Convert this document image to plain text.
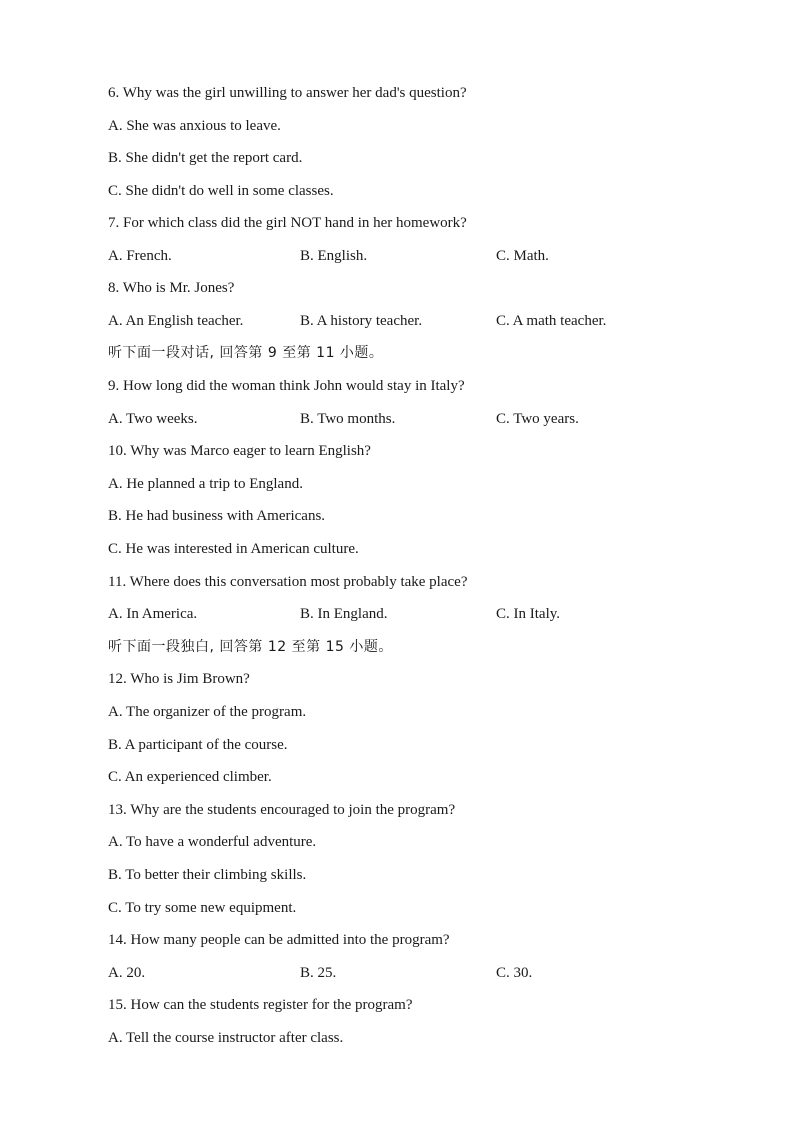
6. Why was the girl unwilling to answer her dad's question?
A. She was anxious to leave.
B. She didn't get the report card.
C. She didn't do well in some classes.
7. For which class did the girl NOT hand in her homework?
A. French.	B. English.	C. Math.
8. Who is Mr. Jones?
A. An English teacher.	B. A history teacher.	C. A math teacher.
听下面一段对话, 回答第 9 至第 11 小题。
9. How long did the woman think John would stay in Italy?
A. Two weeks.	B. Two months.	C. Two years.
10. Why was Marco eager to learn English?
A. He planned a trip to England.
B. He had business with Americans.
C. He was interested in American culture.
11. Where does this conversation most probably take place?
A. In America.	B. In England.	C. In Italy.
听下面一段独白, 回答第 12 至第 15 小题。
12. Who is Jim Brown?
A. The organizer of the program.
B. A participant of the course.
C. An experienced climber.
13. Why are the students encouraged to join the program?
A. To have a wonderful adventure.
B. To better their climbing skills.
C. To try some new equipment.
14. How many people can be admitted into the program?
A. 20.	B. 25.	C. 30.
15. How can the students register for the program?
A. Tell the course instructor after class.
